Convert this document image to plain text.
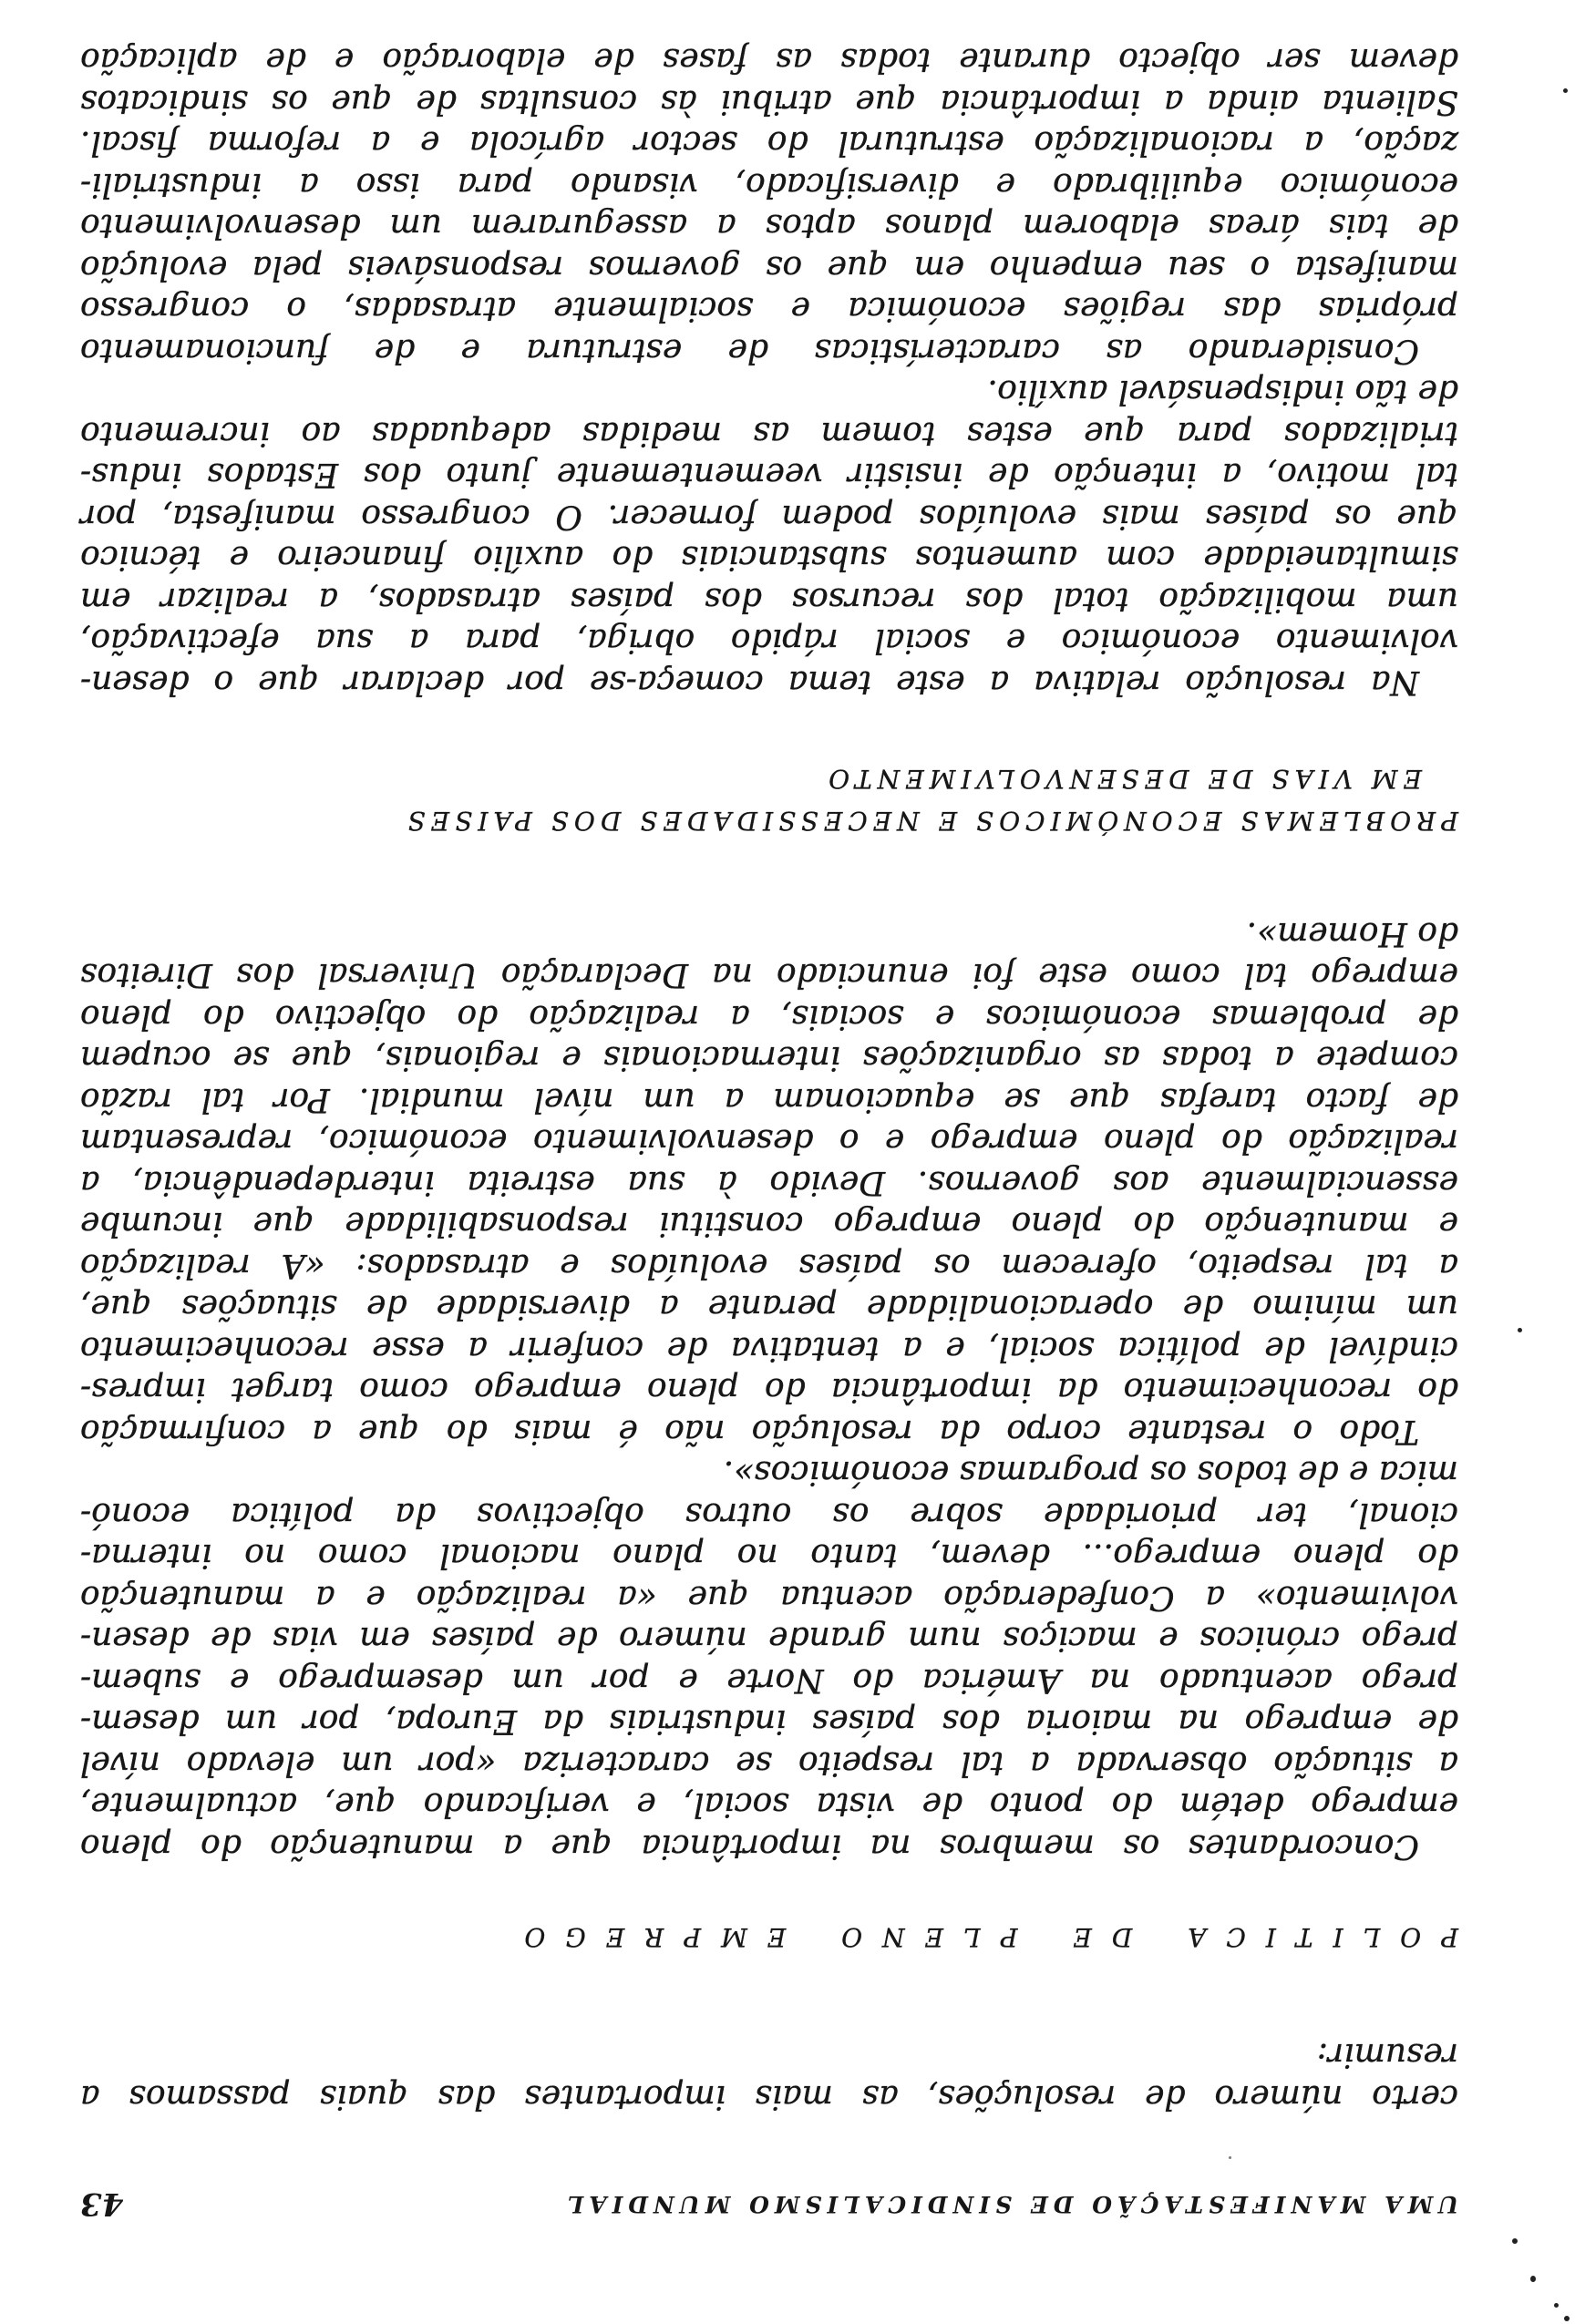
UMA MANIFESTAÇÃO DE SINDICALISMO MUNDIAL
43
certo número de resoluções, as mais importantes das quais passamos a
resumir:
POLITICA DE PLENO EMPREGO
Concordantes os membros na importância que a manutenção do pleno
emprego detém do ponto de vista social, e verificando que, actualmente,
a situação observada a tal respeito se caracteriza «por um elevado nível
de emprego na maioria dos países industriais da Europa, por um desem-
prego acentuado na América do Norte e por um desemprego e subem-
prego crónicos e maciços num grande número de países em vias de desen-
volvimento» a Confederação acentua que «a realização e a manutenção
do pleno emprego... devem, tanto no plano nacional como no interna-
cional, ter prioridade sobre os outros objectivos da política econó-
mica e de todos os programas económicos».
Todo o restante corpo da resolução não é mais do que a confirmação
do reconhecimento da importância do pleno emprego como target impres-
cindível de política social, e a tentativa de conferir a esse reconhecimento
um mínimo de operacionalidade perante a diversidade de situações que,
a tal respeito, oferecem os países evoluídos e atrasados: «A realização
e manutenção do pleno emprego constitui responsabilidade que incumbe
essencialmente aos governos. Devido à sua estreita interdependência, a
realização do pleno emprego e o desenvolvimento económico, representam
de facto tarefas que se equacionam a um nível mundial. Por tal razão
compete a todas as organizações internacionais e regionais, que se ocupem
de problemas económicos e sociais, a realização do objectivo do pleno
emprego tal como este foi enunciado na Declaração Universal dos Direitos
do Homem».
PROBLEMAS ECONÓMICOS E NECESSIDADES DOS PAISES
EM VIAS DE DESENVOLVIMENTO
Na resolução relativa a este tema começa-se por declarar que o desen-
volvimento económico e social rápido obriga, para a sua efectivação,
uma mobilização total dos recursos dos países atrasados, a realizar em
simultaneidade com aumentos substanciais do auxílio financeiro e técnico
que os países mais evoluídos podem fornecer. O congresso manifesta, por
tal motivo, a intenção de insistir veementemente junto dos Estados indus-
trializados para que estes tomem as medidas adequadas ao incremento
de tão indispensável auxílio.
Considerando as características de estrutura e de funcionamento
próprias das regiões económica e socialmente atrasadas, o congresso
manifesta o seu empenho em que os governos responsáveis pela evolução
de tais áreas elaborem planos aptos a assegurarem um desenvolvimento
económico equilibrado e diversificado, visando para isso a industriali-
zação, a racionalização estrutural do sector agrícola e a reforma fiscal.
Salienta ainda a importância que atribui às consultas de que os sindicatos
devem ser objecto durante todas as fases de elaboração e de aplicação
